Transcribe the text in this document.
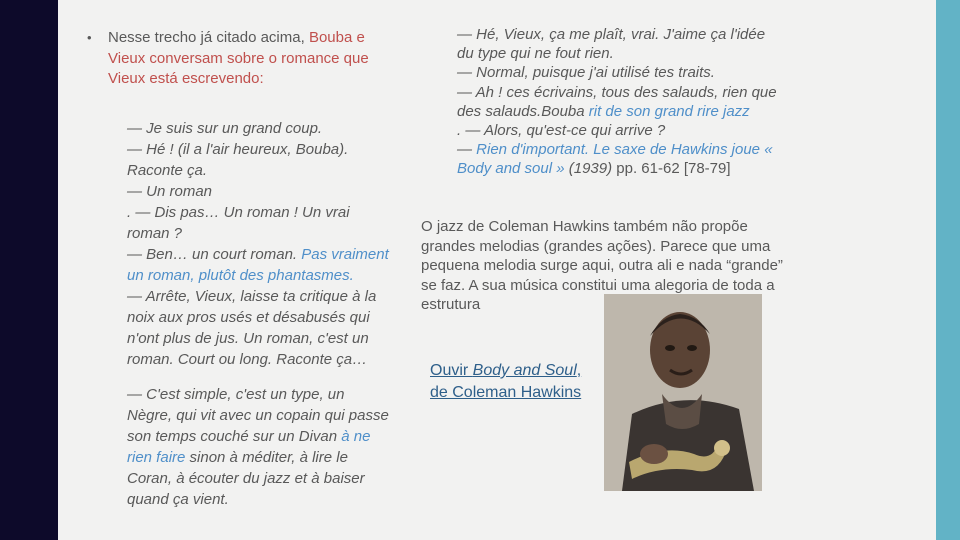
• Nesse trecho já citado acima, Bouba e Vieux conversam sobre o romance que Vieux está escrevendo:

— Je suis sur un grand coup.

— Hé ! (il a l'air heureux, Bouba).

Raconte ça.

— Un roman

. — Dis pas… Un roman ! Un vrai roman ?

— Ben… un court roman. Pas vraiment un roman, plutôt des phantasmes.

— Arrête, Vieux, laisse ta critique à la noix aux pros usés et désabusés qui n'ont plus de jus. Un roman, c'est un roman. Court ou long. Raconte ça…

— C'est simple, c'est un type, un Nègre, qui vit avec un copain qui passe son temps couché sur un Divan à ne rien faire sinon à méditer, à lire le Coran, à écouter du jazz et à baiser quand ça vient.

— Hé, Vieux, ça me plaît, vrai. J'aime ça l'idée du type qui ne fout rien.

— Normal, puisque j'ai utilisé tes traits.

— Ah ! ces écrivains, tous des salauds, rien que des salauds.Bouba rit de son grand rire jazz

. — Alors, qu'est-ce qui arrive ?

— Rien d'important. Le saxe de Hawkins joue « Body and soul » (1939) pp. 61-62 [78-79]

O jazz de Coleman Hawkins também não propõe grandes melodias (grandes ações). Parece que uma pequena melodia surge aqui, outra ali e nada “grande” se faz. A sua música constitui uma alegoria de toda a estrutura

Ouvir Body and Soul, de Coleman Hawkins
